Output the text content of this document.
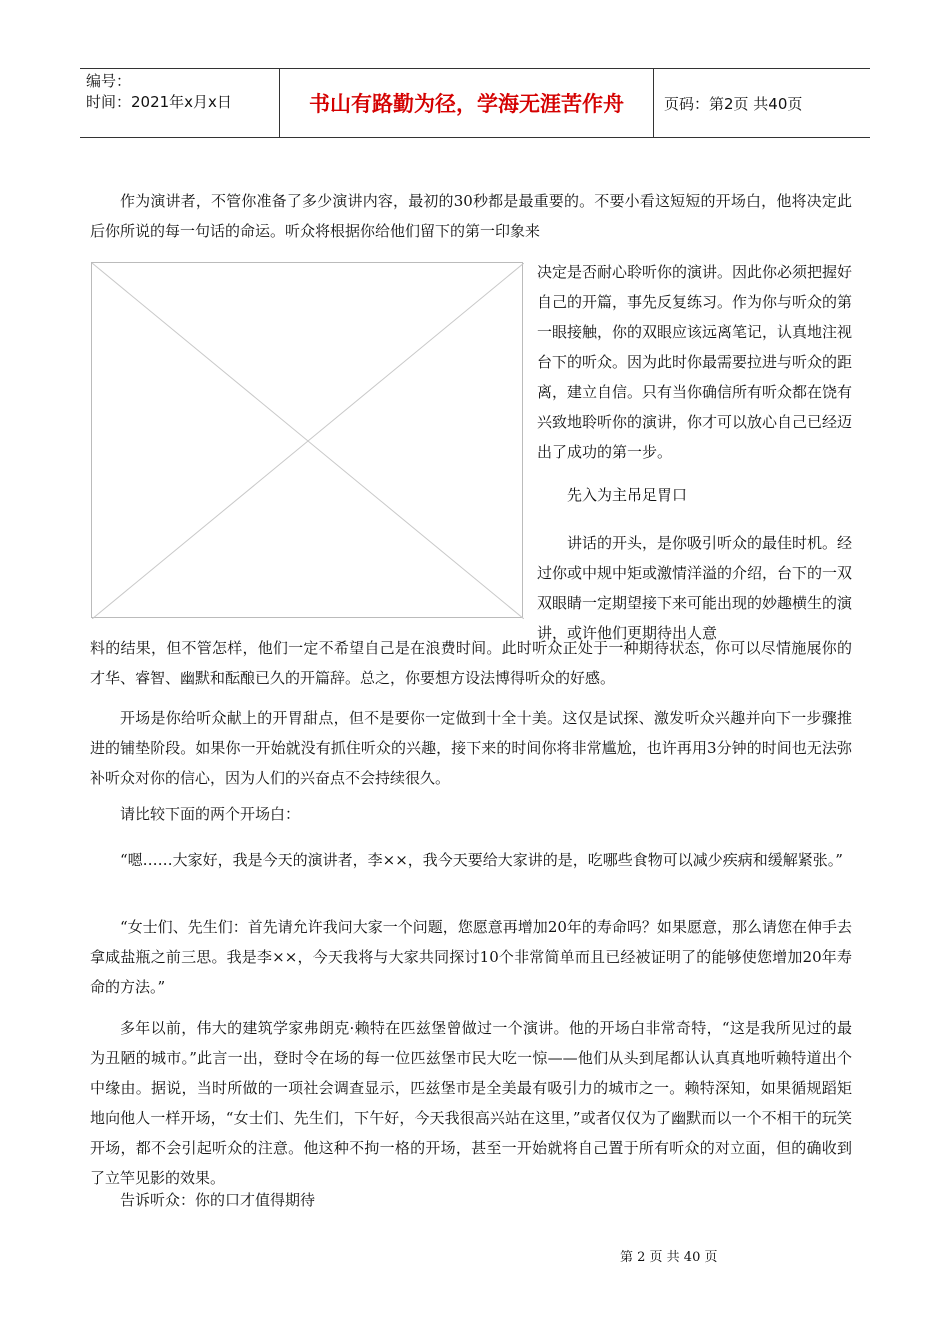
编号：
时间：2021年x月x日	书山有路勤为径，学海无涯苦作舟	页码：第2页 共40页

作为演讲者，不管你准备了多少演讲内容，最初的30秒都是最重要的。不要小看这短短的开场白，他将决定此后你所说的每一句话的命运。听众将根据你给他们留下的第一印象来

决定是否耐心聆听你的演讲。因此你必须把握好自己的开篇，事先反复练习。作为你与听众的第一眼接触，你的双眼应该远离笔记，认真地注视台下的听众。因为此时你最需要拉进与听众的距离，建立自信。只有当你确信所有听众都在饶有兴致地聆听你的演讲，你才可以放心自己已经迈出了成功的第一步。

先入为主吊足胃口

讲话的开头，是你吸引听众的最佳时机。经过你或中规中矩或激情洋溢的介绍，台下的一双双眼睛一定期望接下来可能出现的妙趣横生的演讲，或许他们更期待出人意

料的结果，但不管怎样，他们一定不希望自己是在浪费时间。此时听众正处于一种期待状态，你可以尽情施展你的才华、睿智、幽默和酝酿已久的开篇辞。总之，你要想方设法博得听众的好感。

开场是你给听众献上的开胃甜点，但不是要你一定做到十全十美。这仅是试探、激发听众兴趣并向下一步骤推进的铺垫阶段。如果你一开始就没有抓住听众的兴趣，接下来的时间你将非常尴尬，也许再用3分钟的时间也无法弥补听众对你的信心，因为人们的兴奋点不会持续很久。

请比较下面的两个开场白：

“嗯……大家好，我是今天的演讲者，李××，我今天要给大家讲的是，吃哪些食物可以减少疾病和缓解紧张。”

“女士们、先生们：首先请允许我问大家一个问题，您愿意再增加20年的寿命吗？如果愿意，那么请您在伸手去拿咸盐瓶之前三思。我是李××，今天我将与大家共同探讨10个非常简单而且已经被证明了的能够使您增加20年寿命的方法。”

多年以前，伟大的建筑学家弗朗克·赖特在匹兹堡曾做过一个演讲。他的开场白非常奇特，“这是我所见过的最为丑陋的城市。”此言一出，登时令在场的每一位匹兹堡市民大吃一惊——他们从头到尾都认认真真地听赖特道出个中缘由。据说，当时所做的一项社会调查显示，匹兹堡市是全美最有吸引力的城市之一。赖特深知，如果循规蹈矩地向他人一样开场，“女士们、先生们，下午好，今天我很高兴站在这里，”或者仅仅为了幽默而以一个不相干的玩笑开场，都不会引起听众的注意。他这种不拘一格的开场，甚至一开始就将自己置于所有听众的对立面，但的确收到了立竿见影的效果。

告诉听众：你的口才值得期待

第 2 页 共 40 页
